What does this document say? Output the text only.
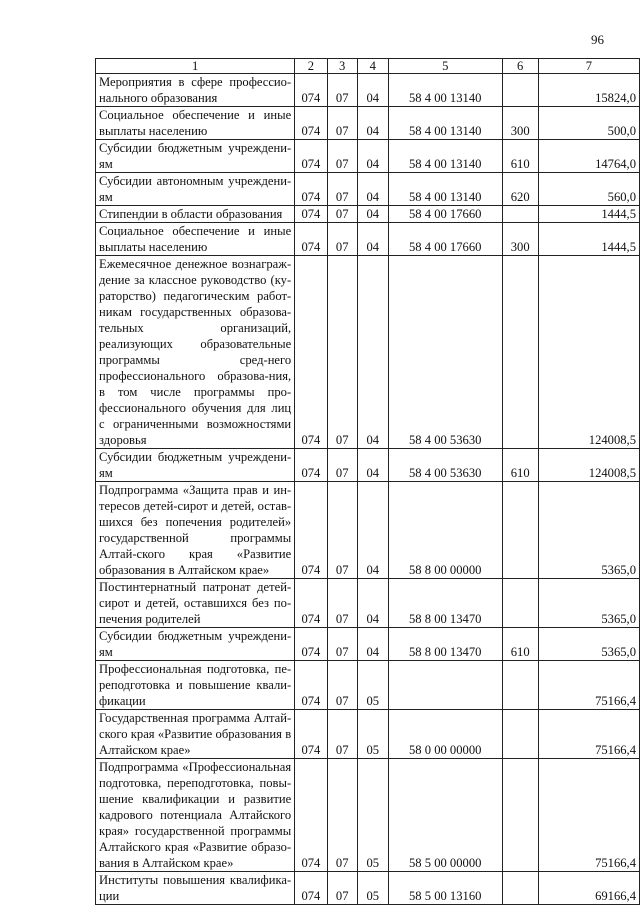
96
1	2	3	4	5	6	7
Мероприятия в сфере профессио-нального образования	074	07	04	58 4 00 13140		15824,0
Социальное обеспечение и иные выплаты населению	074	07	04	58 4 00 13140	300	500,0
Субсидии бюджетным учреждени-ям	074	07	04	58 4 00 13140	610	14764,0
Субсидии автономным учреждени-ям	074	07	04	58 4 00 13140	620	560,0
Стипендии в области образования	074	07	04	58 4 00 17660		1444,5
Социальное обеспечение и иные выплаты населению	074	07	04	58 4 00 17660	300	1444,5
Ежемесячное денежное вознаграж-дение за классное руководство (ку-раторство) педагогическим работ-никам государственных образова-тельных организаций, реализующих образовательные программы сред-него профессионального образова-ния, в том числе программы про-фессионального обучения для лиц с ограниченными возможностями здоровья	074	07	04	58 4 00 53630		124008,5
Субсидии бюджетным учреждени-ям	074	07	04	58 4 00 53630	610	124008,5
Подпрограмма «Защита прав и ин-тересов детей-сирот и детей, остав-шихся без попечения родителей» государственной программы Алтай-ского края «Развитие образования в Алтайском крае»	074	07	04	58 8 00 00000		5365,0
Постинтернатный патронат детей-сирот и детей, оставшихся без по-печения родителей	074	07	04	58 8 00 13470		5365,0
Субсидии бюджетным учреждени-ям	074	07	04	58 8 00 13470	610	5365,0
Профессиональная подготовка, пе-реподготовка и повышение квали-фикации	074	07	05			75166,4
Государственная программа Алтай-ского края «Развитие образования в Алтайском крае»	074	07	05	58 0 00 00000		75166,4
Подпрограмма «Профессиональная подготовка, переподготовка, повы-шение квалификации и развитие кадрового потенциала Алтайского края» государственной программы Алтайского края «Развитие образо-вания в Алтайском крае»	074	07	05	58 5 00 00000		75166,4
Институты повышения квалифика-ции	074	07	05	58 5 00 13160		69166,4
